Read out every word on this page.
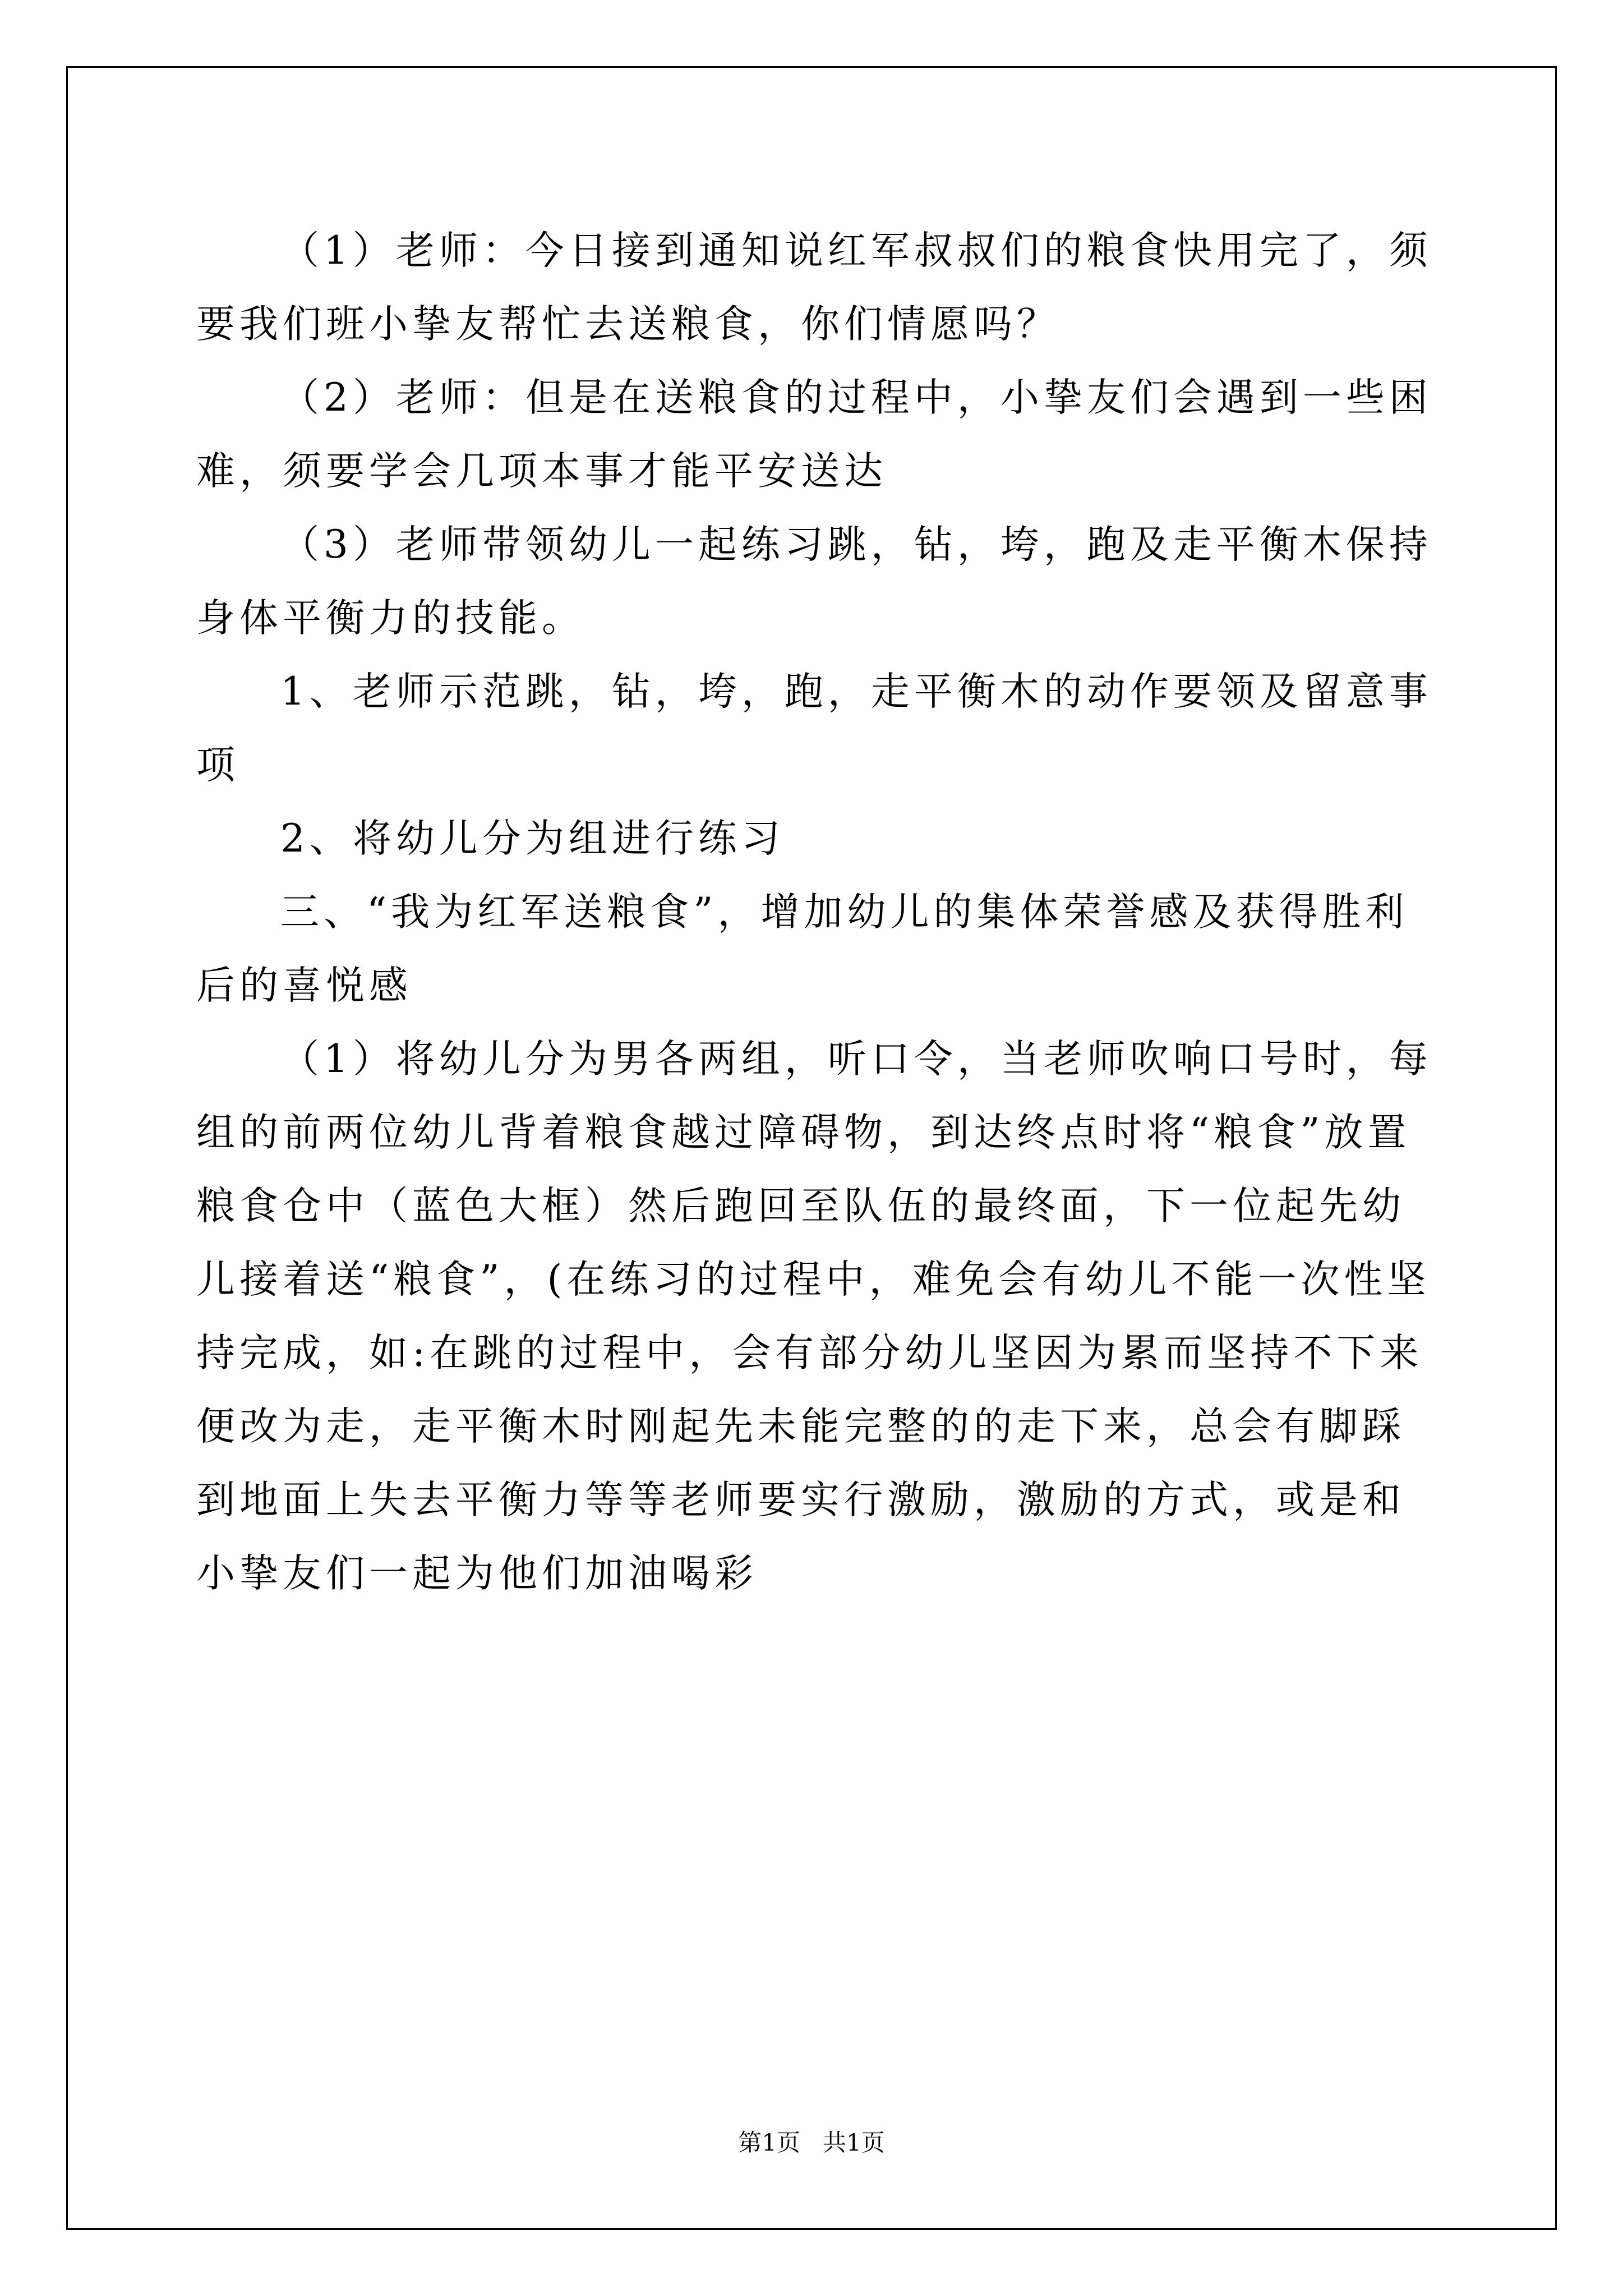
（1）老师：今日接到通知说红军叔叔们的粮食快用完了，须要我们班小挚友帮忙去送粮食，你们情愿吗？

（2）老师：但是在送粮食的过程中，小挚友们会遇到一些困难，须要学会几项本事才能平安送达

（3）老师带领幼儿一起练习跳，钻，垮，跑及走平衡木保持身体平衡力的技能。

1、老师示范跳，钻，垮，跑，走平衡木的动作要领及留意事项

2、将幼儿分为组进行练习

三、“我为红军送粮食”，增加幼儿的集体荣誉感及获得胜利后的喜悦感

（1）将幼儿分为男各两组，听口令，当老师吹响口号时，每组的前两位幼儿背着粮食越过障碍物，到达终点时将“粮食”放置粮食仓中（蓝色大框）然后跑回至队伍的最终面，下一位起先幼儿接着送“粮食”，(在练习的过程中，难免会有幼儿不能一次性坚持完成，如:在跳的过程中，会有部分幼儿坚因为累而坚持不下来便改为走，走平衡木时刚起先未能完整的的走下来，总会有脚踩到地面上失去平衡力等等老师要实行激励，激励的方式，或是和小挚友们一起为他们加油喝彩

第1页   共1页
